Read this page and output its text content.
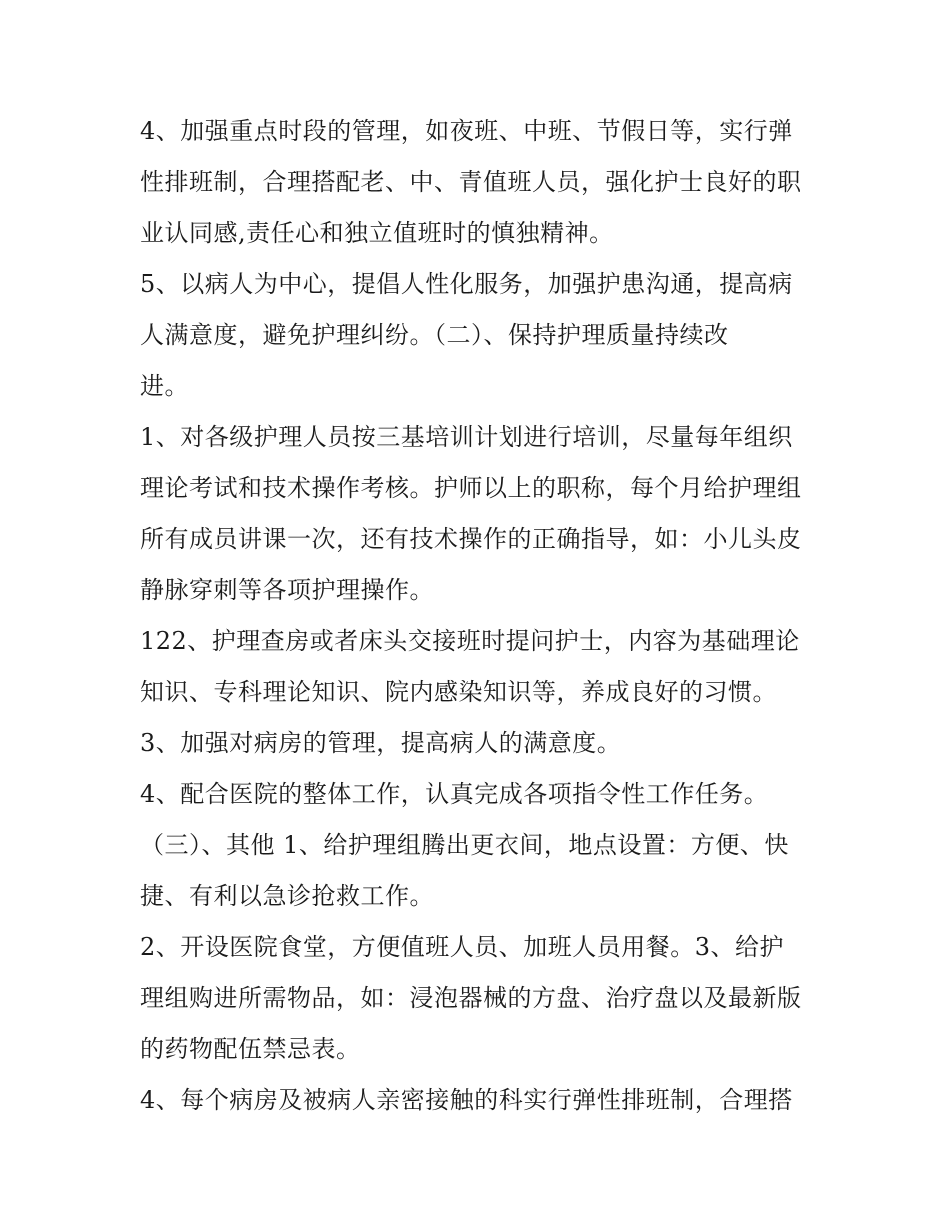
4、加强重点时段的管理，如夜班、中班、节假日等，实行弹
性排班制，合理搭配老、中、青值班人员，强化护士良好的职
业认同感,责任心和独立值班时的慎独精神。
5、以病人为中心，提倡人性化服务，加强护患沟通，提高病
人满意度，避免护理纠纷。（二）、保持护理质量持续改
进。
1、对各级护理人员按三基培训计划进行培训，尽量每年组织
理论考试和技术操作考核。护师以上的职称，每个月给护理组
所有成员讲课一次，还有技术操作的正确指导，如：小儿头皮
静脉穿刺等各项护理操作。
122、护理查房或者床头交接班时提问护士，内容为基础理论
知识、专科理论知识、院内感染知识等，养成良好的习惯。
3、加强对病房的管理，提高病人的满意度。
4、配合医院的整体工作，认真完成各项指令性工作任务。
（三）、其他 1、给护理组腾出更衣间，地点设置：方便、快
捷、有利以急诊抢救工作。
2、开设医院食堂，方便值班人员、加班人员用餐。3、给护
理组购进所需物品，如：浸泡器械的方盘、治疗盘以及最新版
的药物配伍禁忌表。
4、每个病房及被病人亲密接触的科实行弹性排班制，合理搭
